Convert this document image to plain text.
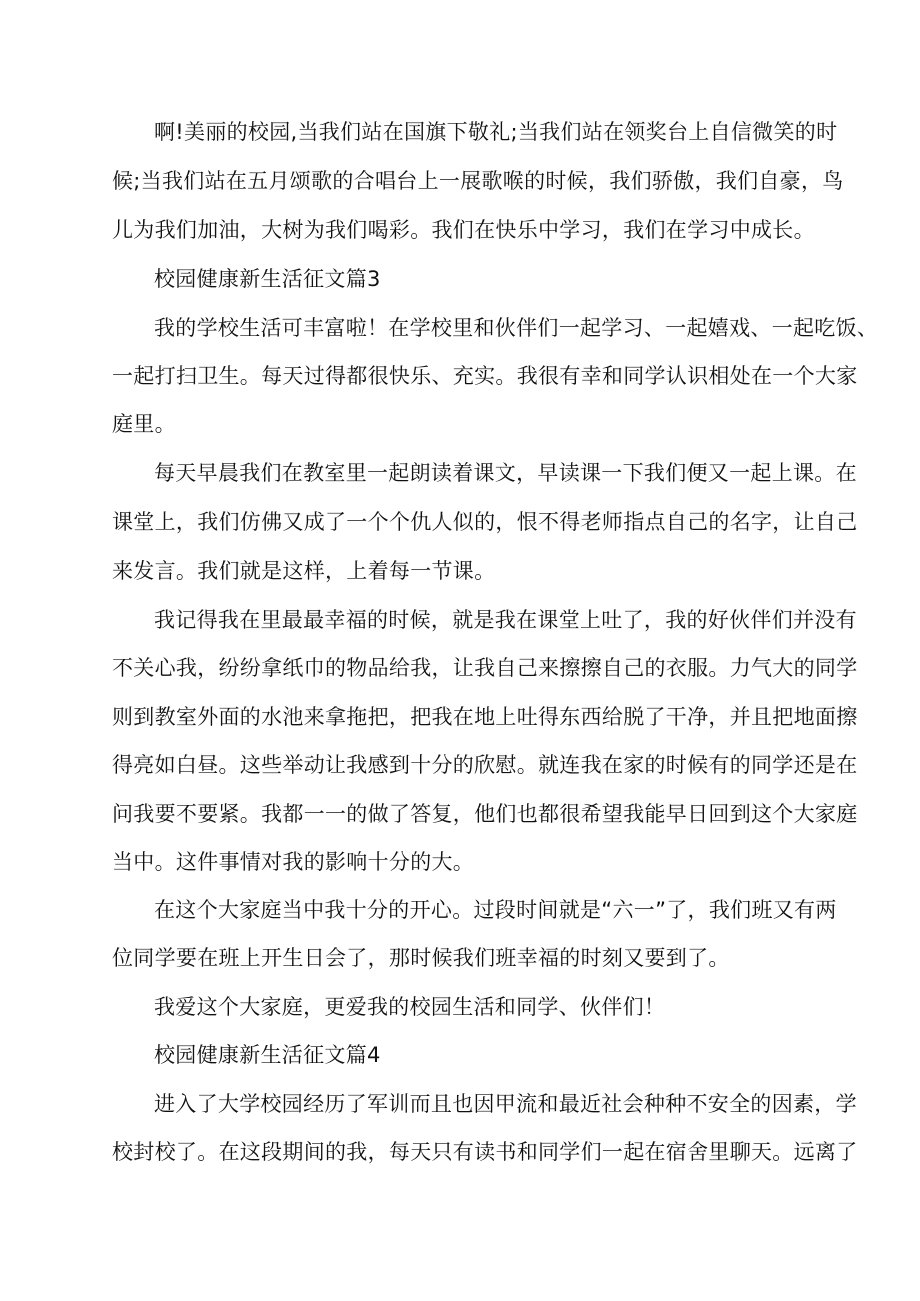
啊!美丽的校园,当我们站在国旗下敬礼;当我们站在领奖台上自信微笑的时
候;当我们站在五月颂歌的合唱台上一展歌喉的时候，我们骄傲，我们自豪，鸟
儿为我们加油，大树为我们喝彩。我们在快乐中学习，我们在学习中成长。
校园健康新生活征文篇3
我的学校生活可丰富啦！在学校里和伙伴们一起学习、一起嬉戏、一起吃饭、
一起打扫卫生。每天过得都很快乐、充实。我很有幸和同学认识相处在一个大家
庭里。
每天早晨我们在教室里一起朗读着课文，早读课一下我们便又一起上课。在
课堂上，我们仿佛又成了一个个仇人似的，恨不得老师指点自己的名字，让自己
来发言。我们就是这样，上着每一节课。
我记得我在里最最幸福的时候，就是我在课堂上吐了，我的好伙伴们并没有
不关心我，纷纷拿纸巾的物品给我，让我自己来擦擦自己的衣服。力气大的同学
则到教室外面的水池来拿拖把，把我在地上吐得东西给脱了干净，并且把地面擦
得亮如白昼。这些举动让我感到十分的欣慰。就连我在家的时候有的同学还是在
问我要不要紧。我都一一的做了答复，他们也都很希望我能早日回到这个大家庭
当中。这件事情对我的影响十分的大。
在这个大家庭当中我十分的开心。过段时间就是“六一”了，我们班又有两
位同学要在班上开生日会了，那时候我们班幸福的时刻又要到了。
我爱这个大家庭，更爱我的校园生活和同学、伙伴们！
校园健康新生活征文篇4
进入了大学校园经历了军训而且也因甲流和最近社会种种不安全的因素，学
校封校了。在这段期间的我，每天只有读书和同学们一起在宿舍里聊天。远离了
